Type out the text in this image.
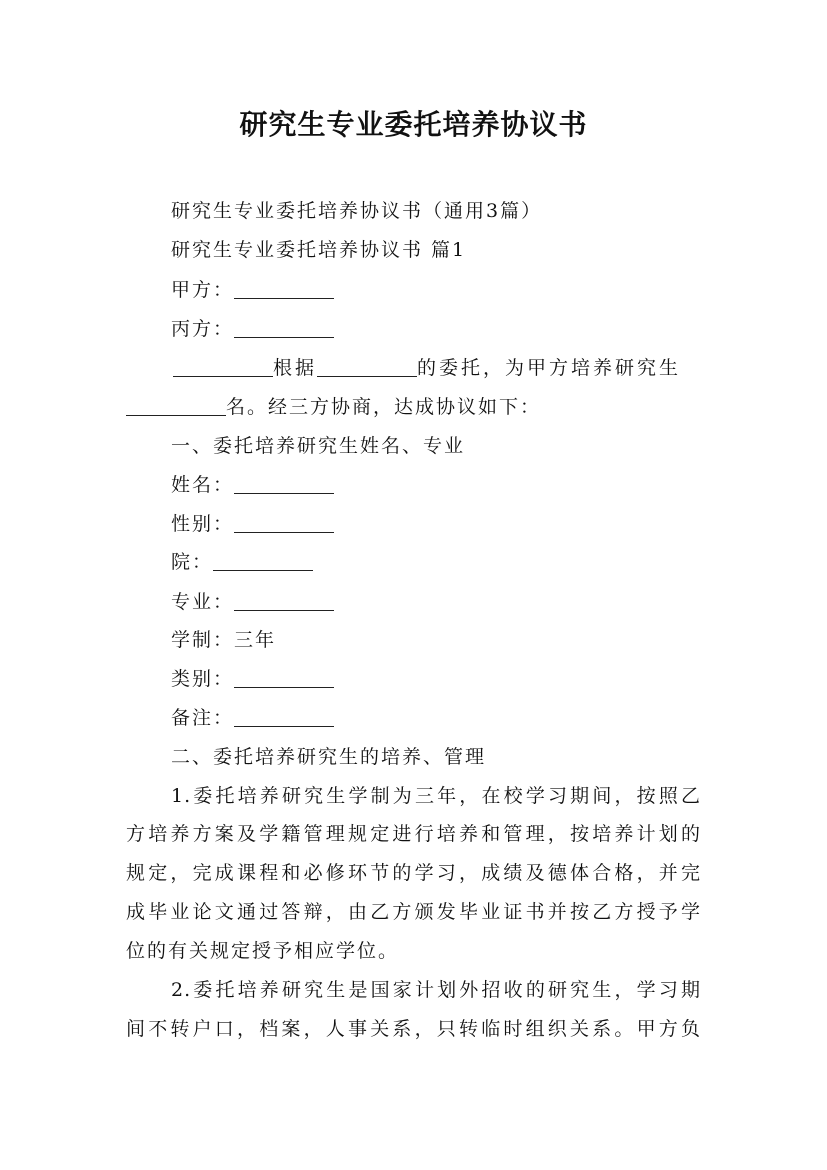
研究生专业委托培养协议书
研究生专业委托培养协议书（通用3篇）
研究生专业委托培养协议书 篇1
甲方：
丙方：
根据	的委托，为甲方培养研究生
名。经三方协商，达成协议如下：
一、委托培养研究生姓名、专业
姓名：
性别：
院：
专业：
学制：三年
类别：
备注：
二、委托培养研究生的培养、管理
1.委托培养研究生学制为三年，在校学习期间，按照乙
方培养方案及学籍管理规定进行培养和管理，按培养计划的
规定，完成课程和必修环节的学习，成绩及德体合格，并完
成毕业论文通过答辩，由乙方颁发毕业证书并按乙方授予学
位的有关规定授予相应学位。
2.委托培养研究生是国家计划外招收的研究生，学习期
间不转户口，档案，人事关系，只转临时组织关系。甲方负
